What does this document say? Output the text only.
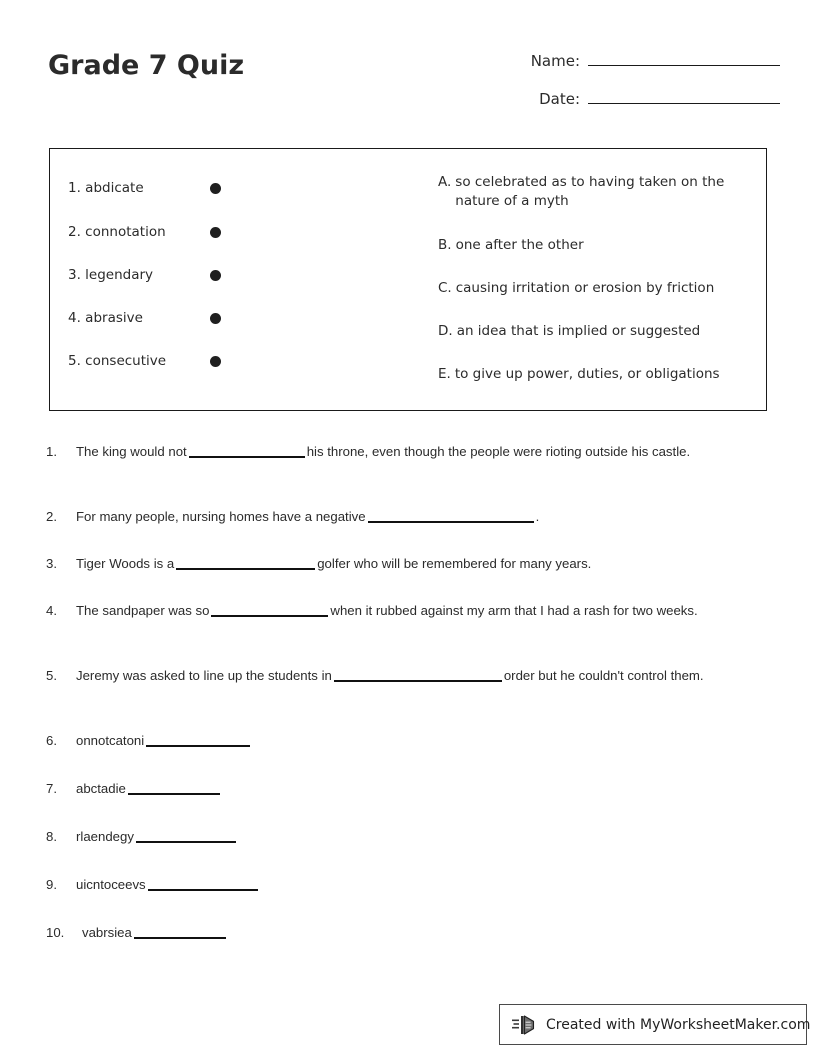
Grade 7 Quiz	Name:
Date:
1. abdicate
2. connotation
3. legendary
4. abrasive
5. consecutive
A. so celebrated as to having taken on the nature of a myth
B. one after the other
C. causing irritation or erosion by friction
D. an idea that is implied or suggested
E. to give up power, duties, or obligations
1.	The king would not	his throne, even though the people were rioting outside his castle.
2.	For many people, nursing homes have a negative	.
3.	Tiger Woods is a	golfer who will be remembered for many years.
4.	The sandpaper was so	when it rubbed against my arm that I had a rash for two weeks.
5.	Jeremy was asked to line up the students in	order but he couldn't control them.
6.	onnotcatoni
7.	abctadie
8.	rlaendegy
9.	uicntoceevs
10.	vabrsiea
Created with MyWorksheetMaker.com
